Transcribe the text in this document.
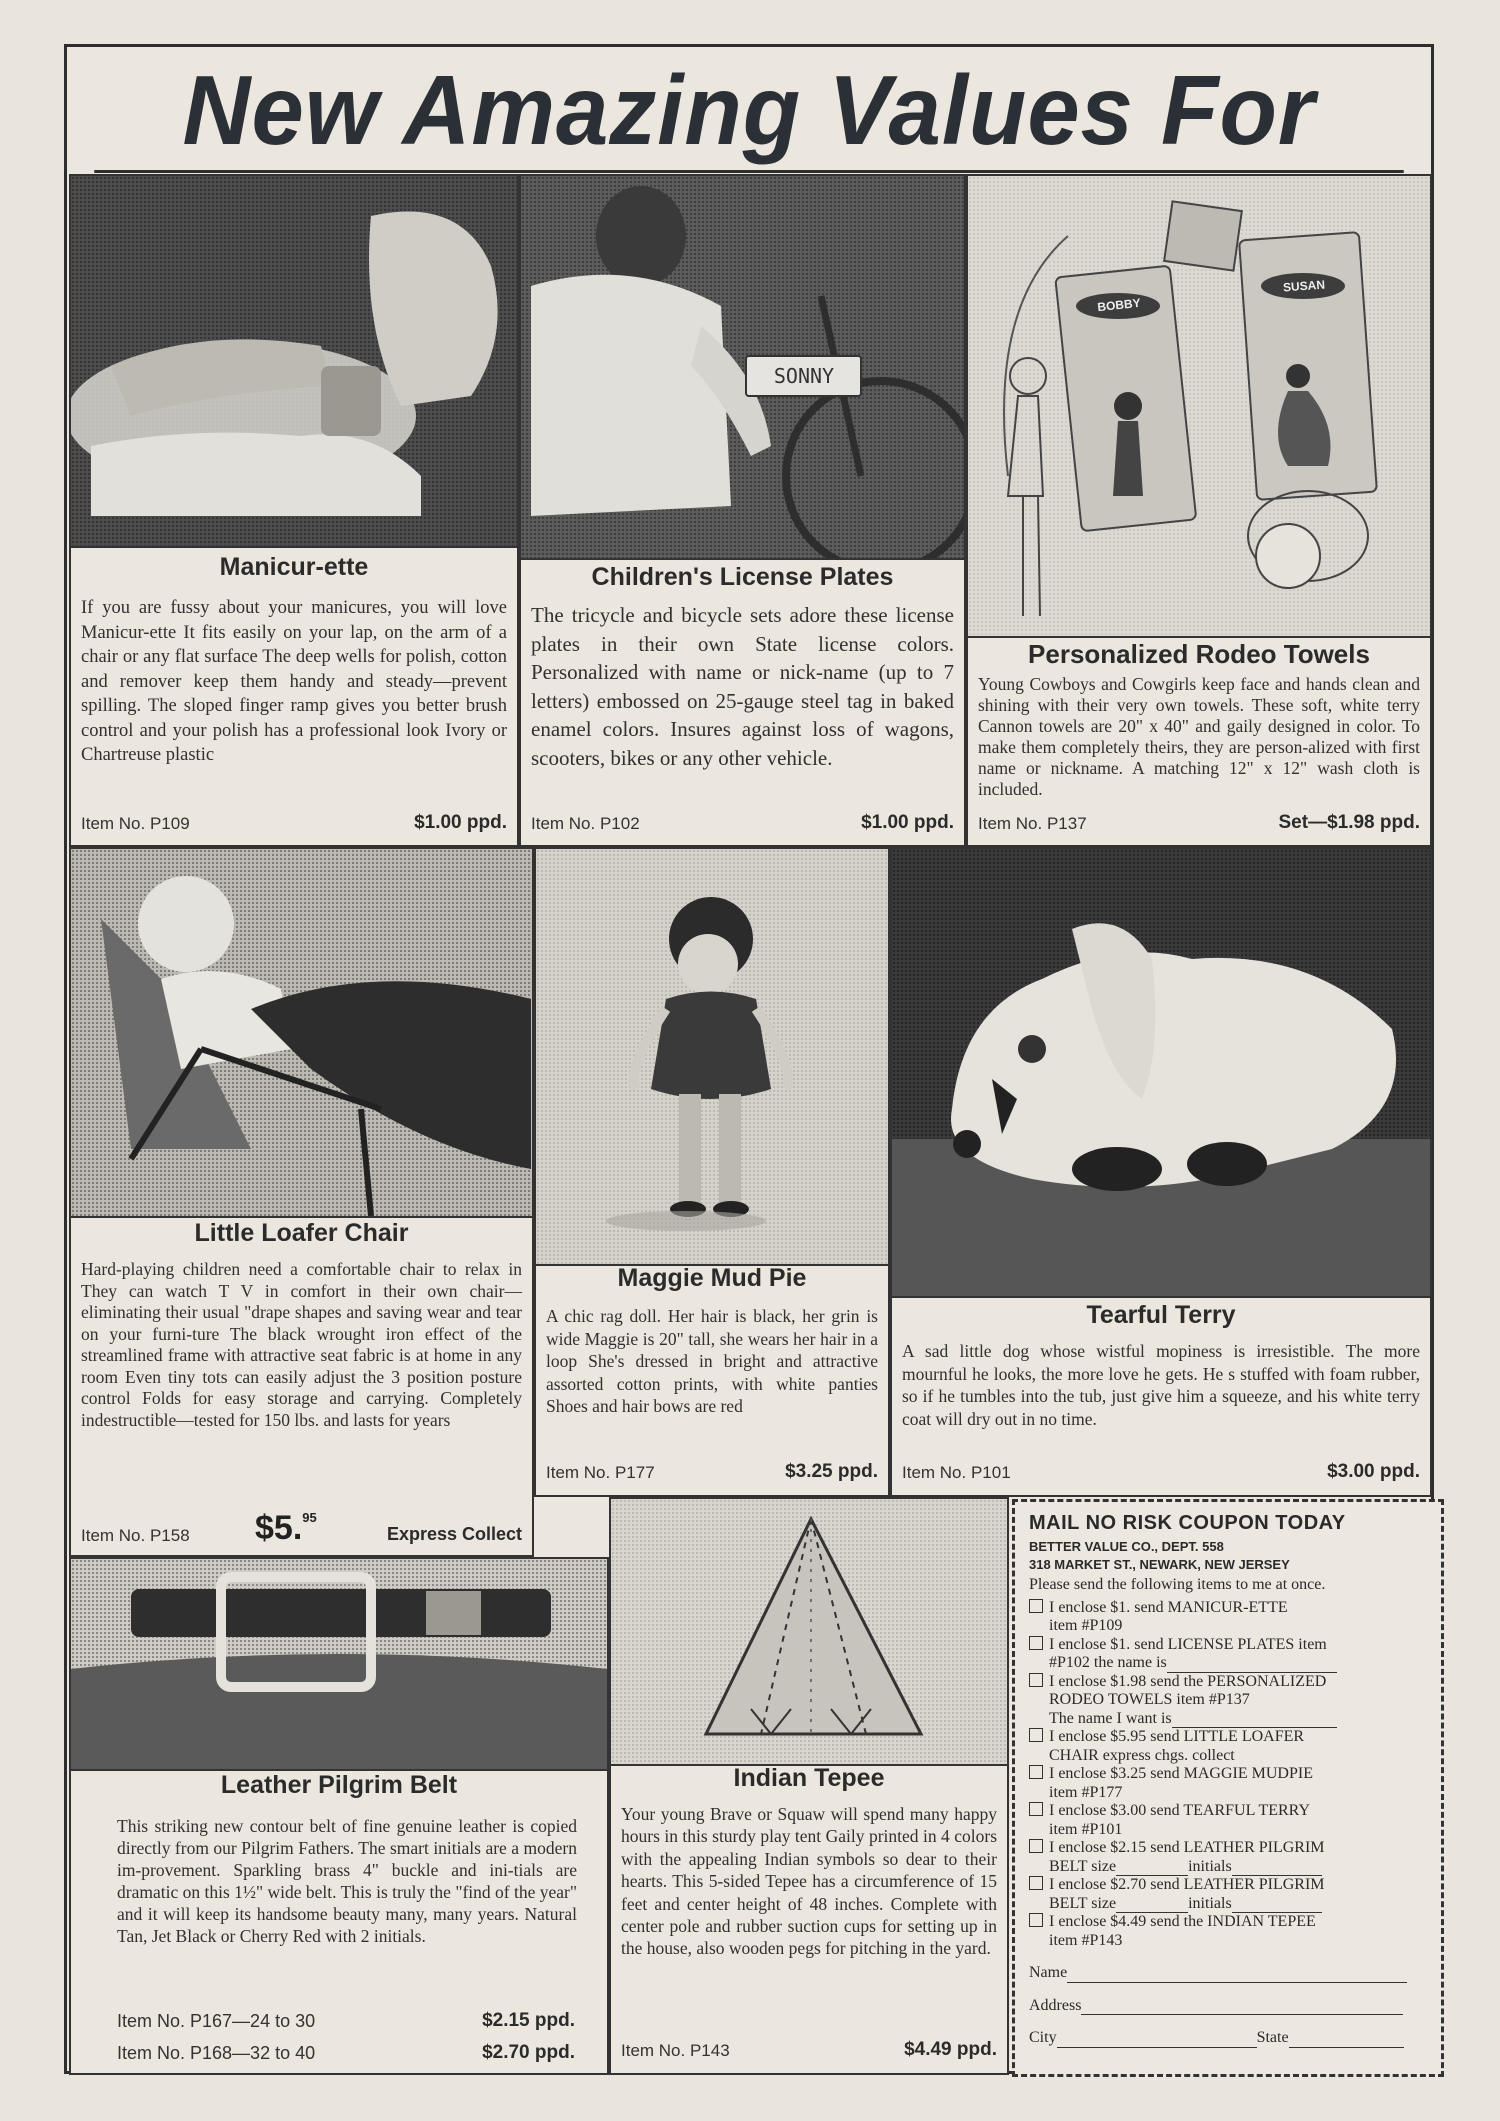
New Amazing Values For
Manicur-ette
If you are fussy about your manicures, you will love Manicur-ette It fits easily on your lap, on the arm of a chair or any flat surface The deep wells for polish, cotton and remover keep them handy and steady—prevent spilling. The sloped finger ramp gives you better brush control and your polish has a professional look Ivory or Chartreuse plastic
Item No. P109	$1.00 ppd.
SONNY
Children's License Plates
The tricycle and bicycle sets adore these license plates in their own State license colors. Personalized with name or nick-name (up to 7 letters) embossed on 25-gauge steel tag in baked enamel colors. Insures against loss of wagons, scooters, bikes or any other vehicle.
Item No. P102	$1.00 ppd.
BOBBY
SUSAN
Personalized Rodeo Towels
Young Cowboys and Cowgirls keep face and hands clean and shining with their very own towels. These soft, white terry Cannon towels are 20" x 40" and gaily designed in color. To make them completely theirs, they are person-alized with first name or nickname. A matching 12" x 12" wash cloth is included.
Item No. P137	Set—$1.98 ppd.
Little Loafer Chair
Hard-playing children need a comfortable chair to relax in They can watch T V in comfort in their own chair—eliminating their usual "drape shapes and saving wear and tear on your furni-ture The black wrought iron effect of the streamlined frame with attractive seat fabric is at home in any room Even tiny tots can easily adjust the 3 position posture control Folds for easy storage and carrying. Completely indestructible—tested for 150 lbs. and lasts for years
Item No. P158 $5.95
Express Collect
Maggie Mud Pie
A chic rag doll. Her hair is black, her grin is wide Maggie is 20" tall, she wears her hair in a loop She's dressed in bright and attractive assorted cotton prints, with white panties Shoes and hair bows are red
Item No. P177	$3.25 ppd.
Tearful Terry
A sad little dog whose wistful mopiness is irresistible. The more mournful he looks, the more love he gets. He s stuffed with foam rubber, so if he tumbles into the tub, just give him a squeeze, and his white terry coat will dry out in no time.
Item No. P101	$3.00 ppd.
Leather Pilgrim Belt
This striking new contour belt of fine genuine leather is copied directly from our Pilgrim Fathers. The smart initials are a modern im-provement. Sparkling brass 4" buckle and ini-tials are dramatic on this 1½" wide belt. This is truly the "find of the year" and it will keep its handsome beauty many, many years. Natural Tan, Jet Black or Cherry Red with 2 initials.
Item No. P167—24 to 30	$2.15 ppd.
Item No. P168—32 to 40	$2.70 ppd.
Indian Tepee
Your young Brave or Squaw will spend many happy hours in this sturdy play tent Gaily printed in 4 colors with the appealing Indian symbols so dear to their hearts. This 5-sided Tepee has a circumference of 15 feet and center height of 48 inches. Complete with center pole and rubber suction cups for setting up in the house, also wooden pegs for pitching in the yard.
Item No. P143	$4.49 ppd.
MAIL NO RISK COUPON TODAY
BETTER VALUE CO., DEPT. 558
318 MARKET ST., NEWARK, NEW JERSEY
Please send the following items to me at once.
I enclose $1. send MANICUR-ETTE
item #P109
I enclose $1. send LICENSE PLATES item
#P102 the name is
I enclose $1.98 send the PERSONALIZED
RODEO TOWELS item #P137
The name I want is
I enclose $5.95 send LITTLE LOAFER
CHAIR express chgs. collect
I enclose $3.25 send MAGGIE MUDPIE
item #P177
I enclose $3.00 send TEARFUL TERRY
item #P101
I enclose $2.15 send LEATHER PILGRIM
BELT size	initials
I enclose $2.70 send LEATHER PILGRIM
BELT size	initials
I enclose $4.49 send the INDIAN TEPEE
item #P143
Name
Address
City	State
